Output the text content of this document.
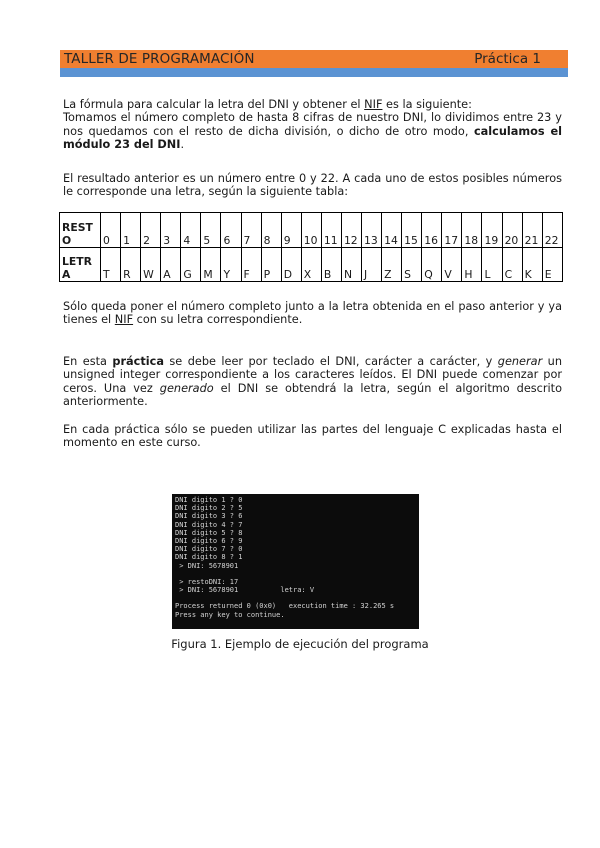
TALLER DE PROGRAMACIÓN	Práctica 1

La fórmula para calcular la letra del DNI y obtener el NIF es la siguiente:
Tomamos el número completo de hasta 8 cifras de nuestro DNI, lo dividimos entre 23 y nos quedamos con el resto de dicha división, o dicho de otro modo, calculamos el módulo 23 del DNI.

El resultado anterior es un número entre 0 y 22. A cada uno de estos posibles números le corresponde una letra, según la siguiente tabla:

RESTO	0	1	2	3	4	5	6	7	8	9	10	11	12	13	14	15	16	17	18	19	20	21	22
LETRA	T	R	W	A	G	M	Y	F	P	D	X	B	N	J	Z	S	Q	V	H	L	C	K	E

Sólo queda poner el número completo junto a la letra obtenida en el paso anterior y ya tienes el NIF con su letra correspondiente.

En esta práctica se debe leer por teclado el DNI, carácter a carácter, y generar un unsigned integer correspondiente a los caracteres leídos. El DNI puede comenzar por ceros. Una vez generado el DNI se obtendrá la letra, según el algoritmo descrito anteriormente.

En cada práctica sólo se pueden utilizar las partes del lenguaje C explicadas hasta el momento en este curso.

DNI digito 1 ? 0
DNI digito 2 ? 5
DNI digito 3 ? 6
DNI digito 4 ? 7
DNI digito 5 ? 8
DNI digito 6 ? 9
DNI digito 7 ? 0
DNI digito 8 ? 1
> DNI: 5678901
> restoDNI: 17
> DNI: 5678901          letra: V
Process returned 0 (0x0)   execution time : 32.265 s
Press any key to continue.
Figura 1. Ejemplo de ejecución del programa
